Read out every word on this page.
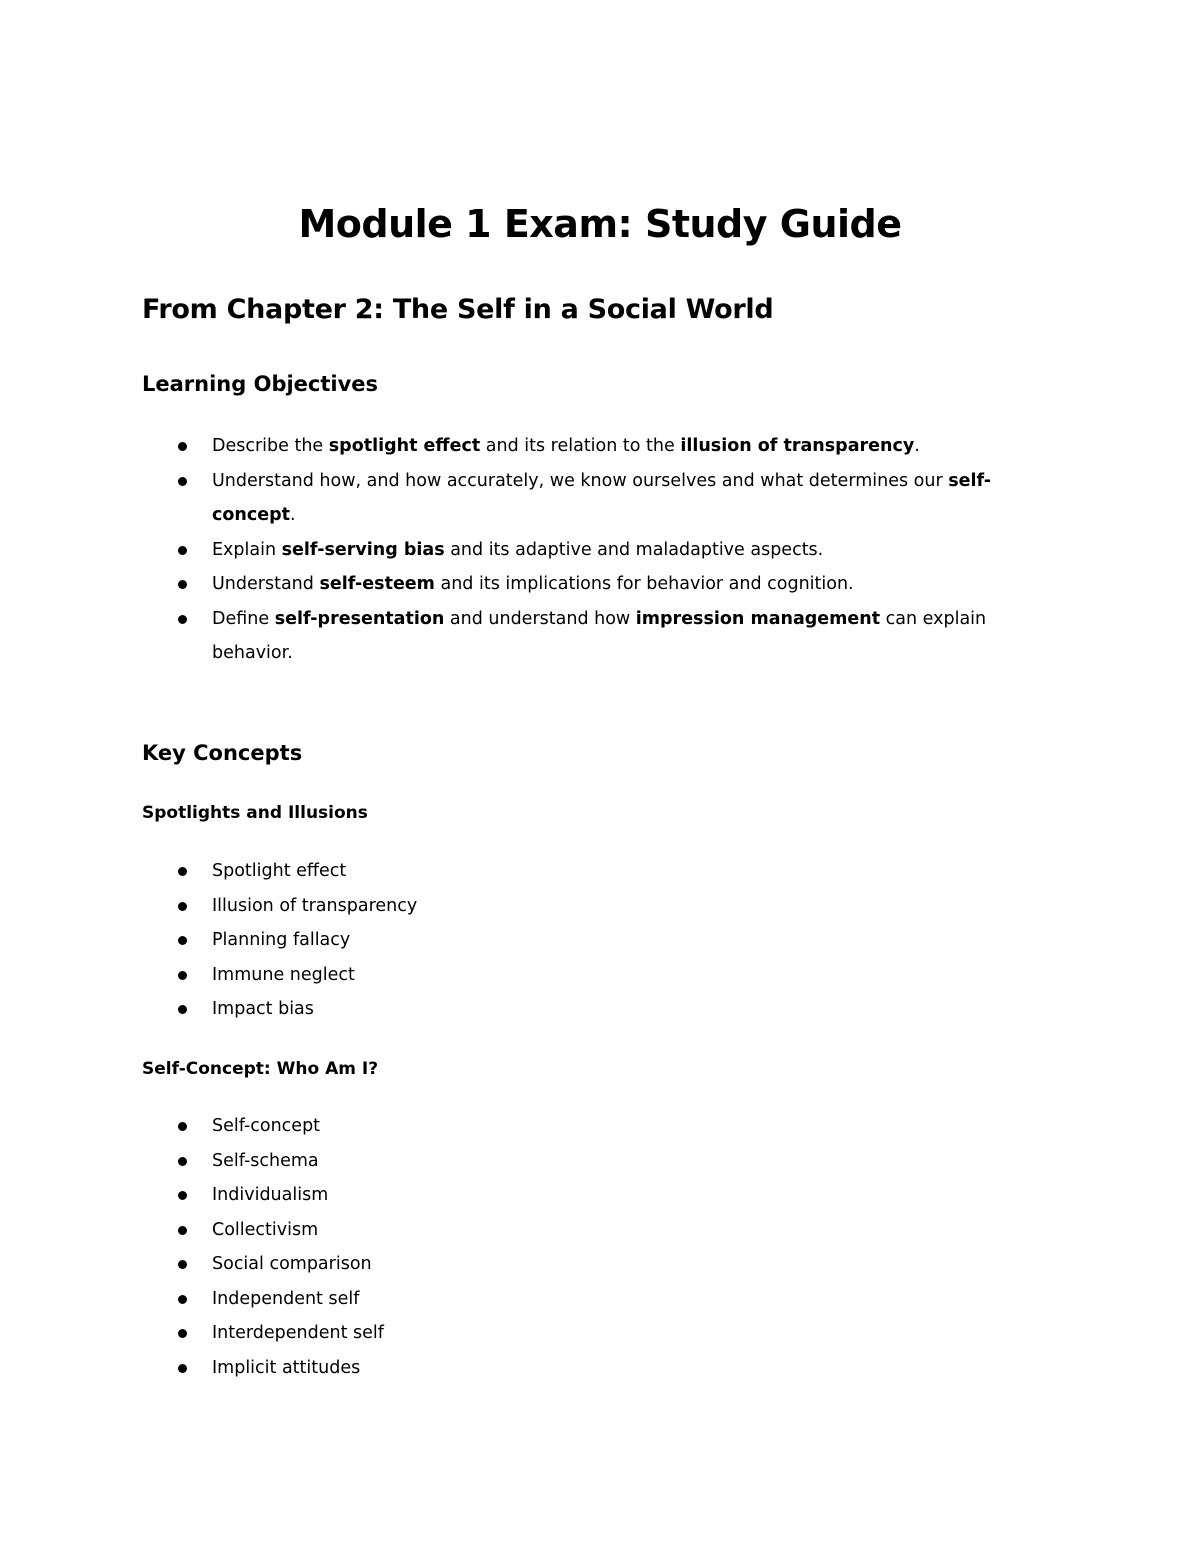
Module 1 Exam: Study Guide
From Chapter 2: The Self in a Social World
Learning Objectives
Describe the spotlight effect and its relation to the illusion of transparency.
Understand how, and how accurately, we know ourselves and what determines our self-concept.
Explain self-serving bias and its adaptive and maladaptive aspects.
Understand self-esteem and its implications for behavior and cognition.
Define self-presentation and understand how impression management can explain behavior.
Key Concepts
Spotlights and Illusions
Spotlight effect
Illusion of transparency
Planning fallacy
Immune neglect
Impact bias
Self-Concept: Who Am I?
Self-concept
Self-schema
Individualism
Collectivism
Social comparison
Independent self
Interdependent self
Implicit attitudes
